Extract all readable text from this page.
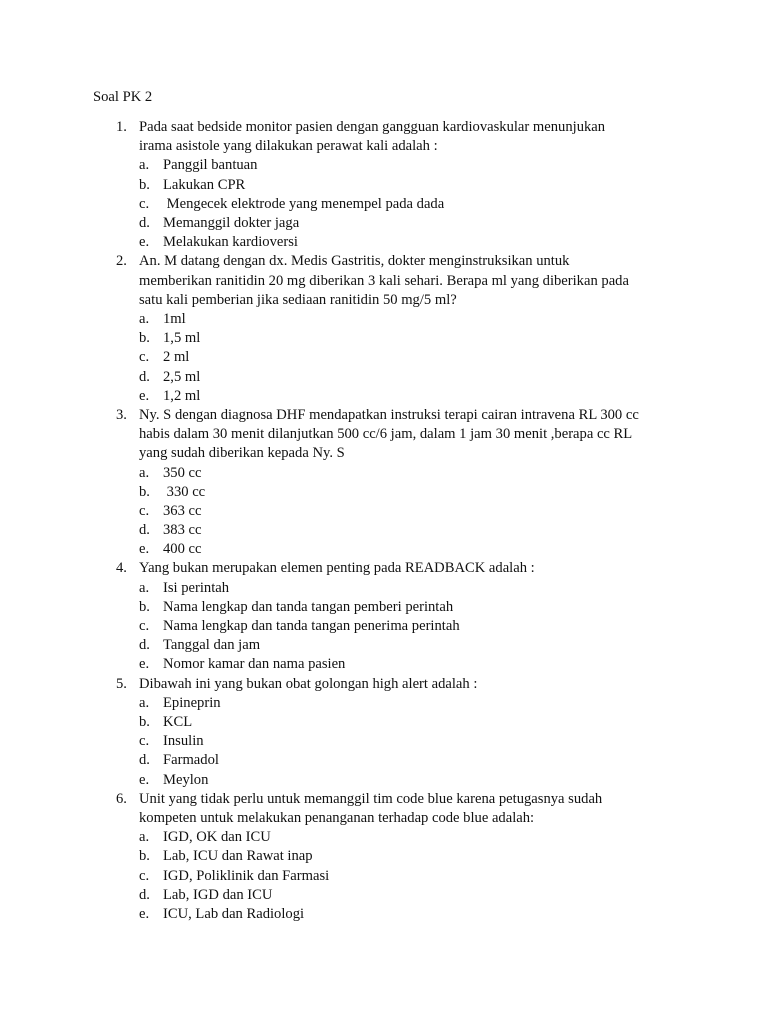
Soal PK 2
1. Pada saat bedside monitor pasien dengan gangguan kardiovaskular menunjukan
irama asistole yang dilakukan perawat kali adalah :

a.

Panggil bantuan

b.

Lakukan CPR

c.

Mengecek elektrode yang menempel pada dada

d.

Memanggil dokter jaga

e.

Melakukan kardioversi

2. An. M datang dengan dx. Medis Gastritis, dokter menginstruksikan untuk
memberikan ranitidin 20 mg diberikan 3 kali sehari. Berapa ml yang diberikan pada
satu kali pemberian jika sediaan ranitidin 50 mg/5 ml?

a.

1ml

b.

1,5 ml

c.

2 ml

d.

2,5 ml

e.

1,2 ml

3. Ny. S dengan diagnosa DHF mendapatkan instruksi terapi cairan intravena RL 300 cc
habis dalam 30 menit dilanjutkan 500 cc/6 jam, dalam 1 jam 30 menit ,berapa cc RL
yang sudah diberikan kepada Ny. S

a.

350 cc

b.

330 cc

c.

363 cc

d.

383 cc

e.

400 cc

4. Yang bukan merupakan elemen penting pada READBACK adalah :

a.

Isi perintah

b.

Nama lengkap dan tanda tangan pemberi perintah

c.

Nama lengkap dan tanda tangan penerima perintah

d.

Tanggal dan jam

e.

Nomor kamar dan nama pasien

5. Dibawah ini yang bukan obat golongan high alert adalah :

a.

Epineprin

b.

KCL

c.

Insulin

d.

Farmadol

e.

Meylon

6. Unit yang tidak perlu untuk memanggil tim code blue karena petugasnya sudah
kompeten untuk melakukan penanganan terhadap code blue adalah:

a.

IGD, OK dan ICU

b.

Lab, ICU dan Rawat inap

c.

IGD, Poliklinik dan Farmasi

d.

Lab, IGD dan ICU

e.

ICU, Lab dan Radiologi
